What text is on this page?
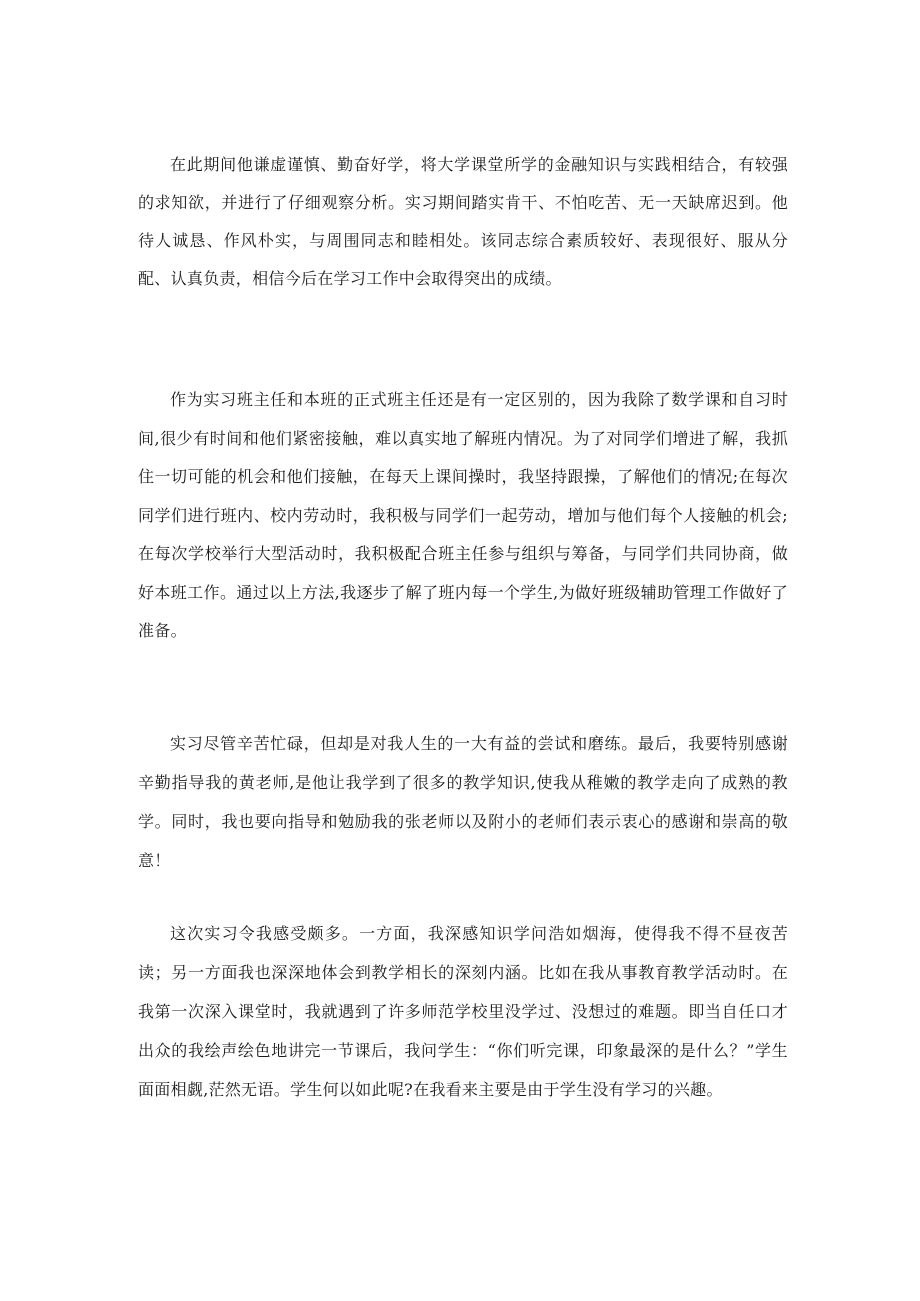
在此期间他谦虚谨慎、勤奋好学，将大学课堂所学的金融知识与实践相结合，有较强的求知欲，并进行了仔细观察分析。实习期间踏实肯干、不怕吃苦、无一天缺席迟到。他待人诚恳、作风朴实，与周围同志和睦相处。该同志综合素质较好、表现很好、服从分配、认真负责，相信今后在学习工作中会取得突出的成绩。

作为实习班主任和本班的正式班主任还是有一定区别的，因为我除了数学课和自习时间,很少有时间和他们紧密接触，难以真实地了解班内情况。为了对同学们增进了解，我抓住一切可能的机会和他们接触，在每天上课间操时，我坚持跟操，了解他们的情况;在每次同学们进行班内、校内劳动时，我积极与同学们一起劳动，增加与他们每个人接触的机会;在每次学校举行大型活动时，我积极配合班主任参与组织与筹备，与同学们共同协商，做好本班工作。通过以上方法,我逐步了解了班内每一个学生,为做好班级辅助管理工作做好了准备。

实习尽管辛苦忙碌，但却是对我人生的一大有益的尝试和磨练。最后，我要特别感谢辛勤指导我的黄老师,是他让我学到了很多的教学知识,使我从稚嫩的教学走向了成熟的教学。同时，我也要向指导和勉励我的张老师以及附小的老师们表示衷心的感谢和崇高的敬意！

这次实习令我感受颇多。一方面，我深感知识学问浩如烟海，使得我不得不昼夜苦读；另一方面我也深深地体会到教学相长的深刻内涵。比如在我从事教育教学活动时。在我第一次深入课堂时，我就遇到了许多师范学校里没学过、没想过的难题。即当自任口才出众的我绘声绘色地讲完一节课后，我问学生：“你们听完课，印象最深的是什么？”学生面面相觑,茫然无语。学生何以如此呢?在我看来主要是由于学生没有学习的兴趣。
